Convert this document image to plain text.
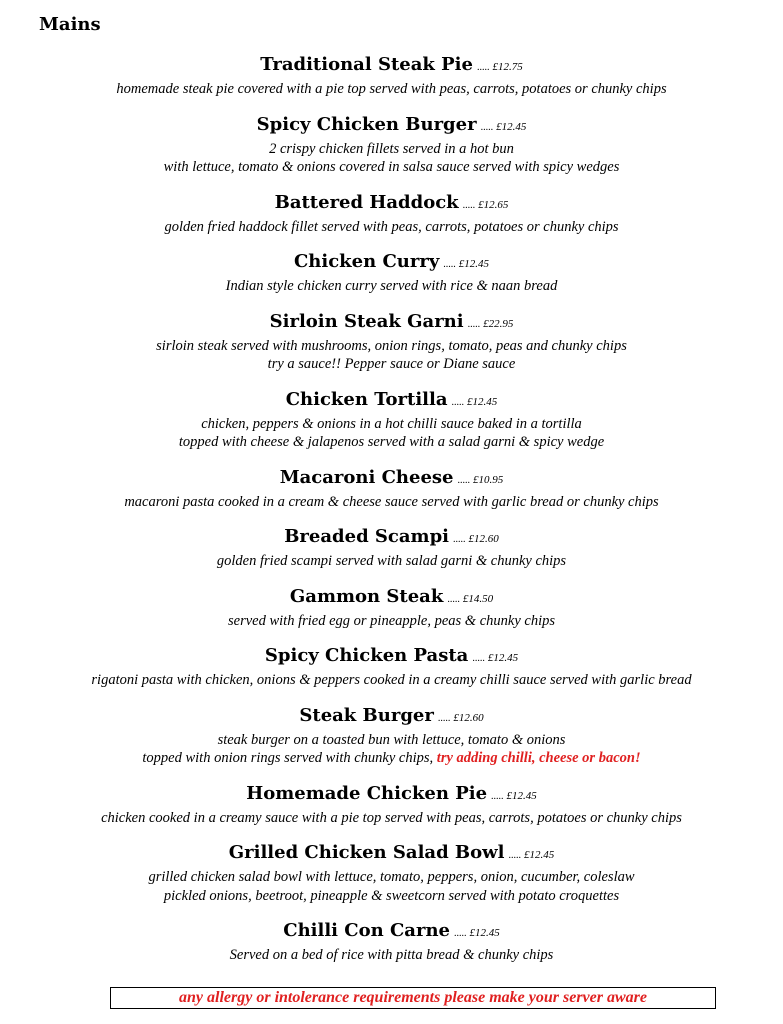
Mains
Traditional Steak Pie ..... £12.75
homemade steak pie covered with a pie top served with peas, carrots, potatoes or chunky chips
Spicy Chicken Burger ..... £12.45
2 crispy chicken fillets served in a hot bun
with lettuce, tomato & onions covered in salsa sauce served with spicy wedges
Battered Haddock ..... £12.65
golden fried haddock fillet served with peas, carrots, potatoes or chunky chips
Chicken Curry ..... £12.45
Indian style chicken curry served with rice & naan bread
Sirloin Steak Garni ..... £22.95
sirloin steak served with mushrooms, onion rings, tomato, peas and chunky chips
try a sauce!! Pepper sauce or Diane sauce
Chicken Tortilla ..... £12.45
chicken, peppers & onions in a hot chilli sauce baked in a tortilla
topped with cheese & jalapenos served with a salad garni & spicy wedge
Macaroni Cheese ..... £10.95
macaroni pasta cooked in a cream & cheese sauce served with garlic bread or chunky chips
Breaded Scampi ..... £12.60
golden fried scampi served with salad garni & chunky chips
Gammon Steak ..... £14.50
served with fried egg or pineapple, peas & chunky chips
Spicy Chicken Pasta ..... £12.45
rigatoni pasta with chicken, onions & peppers cooked in a creamy chilli sauce served with garlic bread
Steak Burger ..... £12.60
steak burger on a toasted bun with lettuce, tomato & onions
topped with onion rings served with chunky chips, try adding chilli, cheese or bacon!
Homemade Chicken Pie ..... £12.45
chicken cooked in a creamy sauce with a pie top served with peas, carrots, potatoes or chunky chips
Grilled Chicken Salad Bowl ..... £12.45
grilled chicken salad bowl with lettuce, tomato, peppers, onion, cucumber, coleslaw
pickled onions, beetroot, pineapple & sweetcorn served with potato croquettes
Chilli Con Carne ..... £12.45
Served on a bed of rice with pitta bread & chunky chips
any allergy or intolerance requirements please make your server aware
